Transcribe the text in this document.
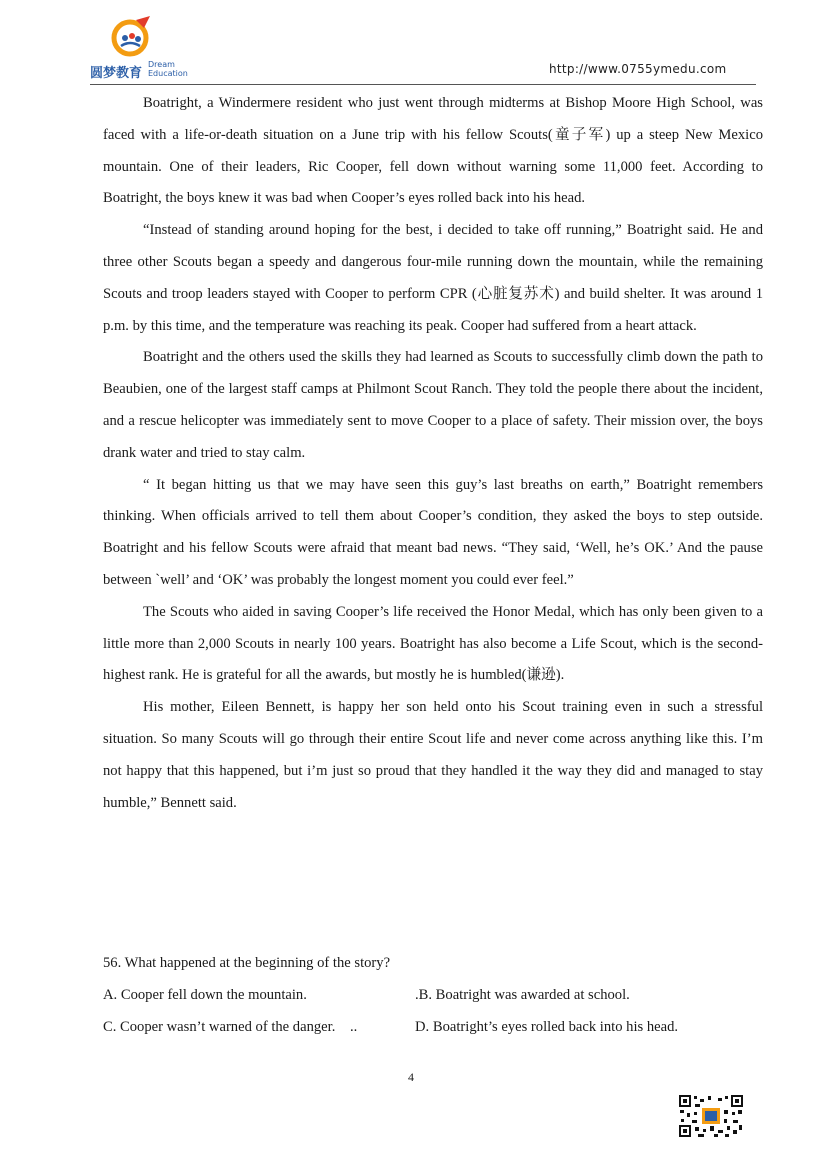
圆梦教育
Dream
Education	http://www.0755ymedu.com

Boatright, a Windermere resident who just went through midterms at Bishop Moore High School, was faced with a life-or-death situation on a June trip with his fellow Scouts(童子军) up a steep New Mexico mountain. One of their leaders, Ric Cooper, fell down without warning some 11,000 feet. According to Boatright, the boys knew it was bad when Cooper’s eyes rolled back into his head.

“Instead of standing around hoping for the best, i decided to take off running,” Boatright said. He and three other Scouts began a speedy and dangerous four-mile running down the mountain, while the remaining Scouts and troop leaders stayed with Cooper to perform CPR (心脏复苏术) and build shelter. It was around 1 p.m. by this time, and the temperature was reaching its peak. Cooper had suffered from a heart attack.

Boatright and the others used the skills they had learned as Scouts to successfully climb down the path to Beaubien, one of the largest staff camps at Philmont Scout Ranch. They told the people there about the incident, and a rescue helicopter was immediately sent to move Cooper to a place of safety. Their mission over, the boys drank water and tried to stay calm.

“ It began hitting us that we may have seen this guy’s last breaths on earth,” Boatright remembers thinking. When officials arrived to tell them about Cooper’s condition, they asked the boys to step outside. Boatright and his fellow Scouts were afraid that meant bad news. “They said, ‘Well, he’s OK.’ And the pause between `well’ and ‘OK’ was probably the longest moment you could ever feel.”

The Scouts who aided in saving Cooper’s life received the Honor Medal, which has only been given to a little more than 2,000 Scouts in nearly 100 years. Boatright has also become a Life Scout, which is the second-highest rank. He is grateful for all the awards, but mostly he is humbled(谦逊).

His mother, Eileen Bennett, is happy her son held onto his Scout training even in such a stressful situation. So many Scouts will go through their entire Scout life and never come across anything like this. I’m not happy that this happened, but i’m just so proud that they handled it the way they did and managed to stay humble,” Bennett said.

56. What happened at the beginning of the story?
A. Cooper fell down the mountain.	.B. Boatright was awarded at school.
C. Cooper wasn’t warned of the danger. ..	D. Boatright’s eyes rolled back into his head.
4
